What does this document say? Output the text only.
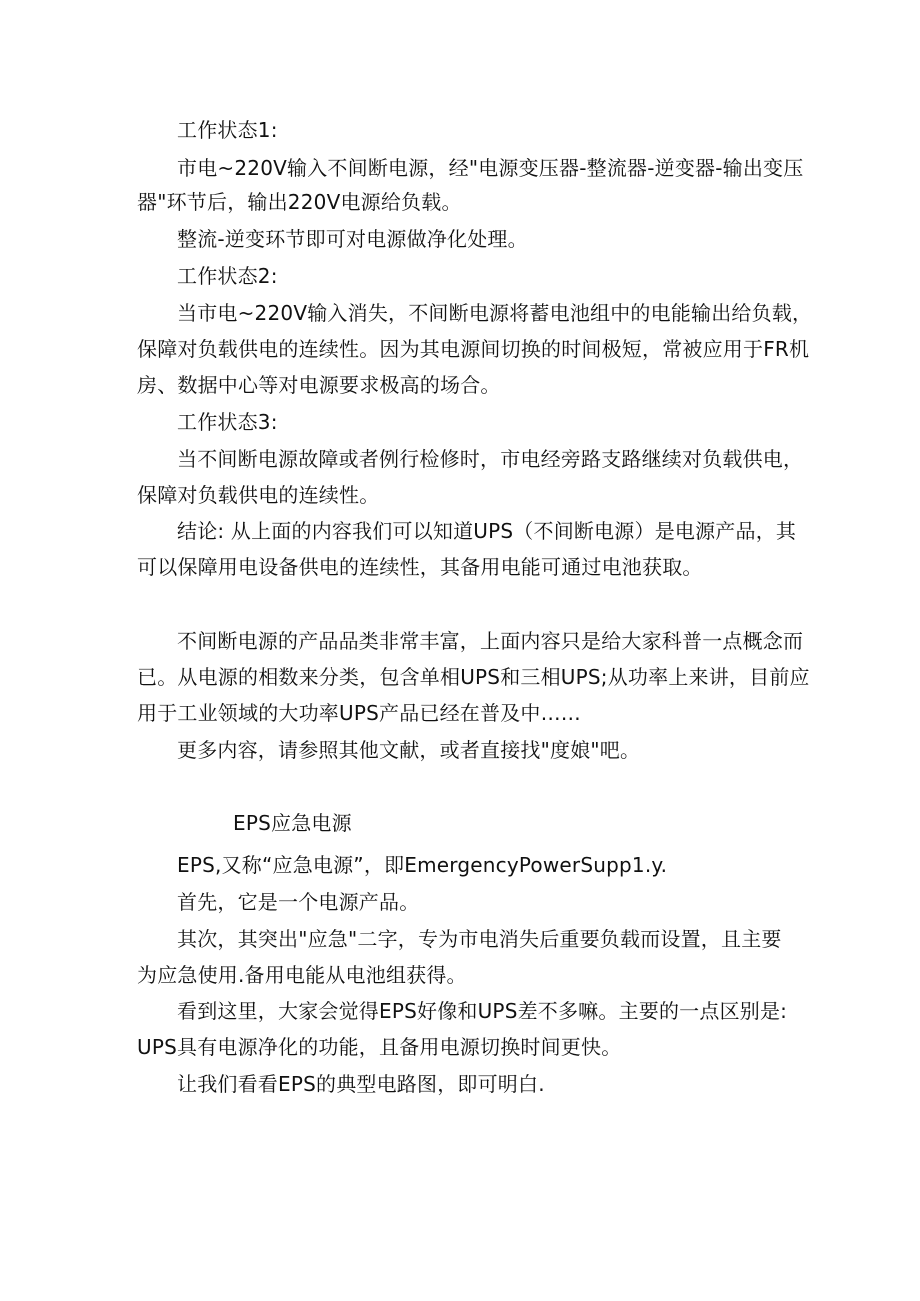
工作状态1:
市电~220V输入不间断电源，经"电源变压器-整流器-逆变器-输出变压
器"环节后，输出220V电源给负载。
整流-逆变环节即可对电源做净化处理。
工作状态2:
当市电~220V输入消失，不间断电源将蓄电池组中的电能输出给负载，
保障对负载供电的连续性。因为其电源间切换的时间极短，常被应用于FR机
房、数据中心等对电源要求极高的场合。
工作状态3:
当不间断电源故障或者例行检修时，市电经旁路支路继续对负载供电，
保障对负载供电的连续性。
结论: 从上面的内容我们可以知道UPS（不间断电源）是电源产品，其
可以保障用电设备供电的连续性，其备用电能可通过电池获取。
不间断电源的产品品类非常丰富，上面内容只是给大家科普一点概念而
已。从电源的相数来分类，包含单相UPS和三相UPS;从功率上来讲，目前应
用于工业领域的大功率UPS产品已经在普及中……
更多内容，请参照其他文献，或者直接找"度娘"吧。
EPS应急电源
EPS,又称“应急电源”，即EmergencyPowerSupp1.y.
首先，它是一个电源产品。
其次，其突出"应急"二字，专为市电消失后重要负载而设置，且主要
为应急使用.备用电能从电池组获得。
看到这里，大家会觉得EPS好像和UPS差不多嘛。主要的一点区别是:
UPS具有电源净化的功能，且备用电源切换时间更快。
让我们看看EPS的典型电路图，即可明白.
